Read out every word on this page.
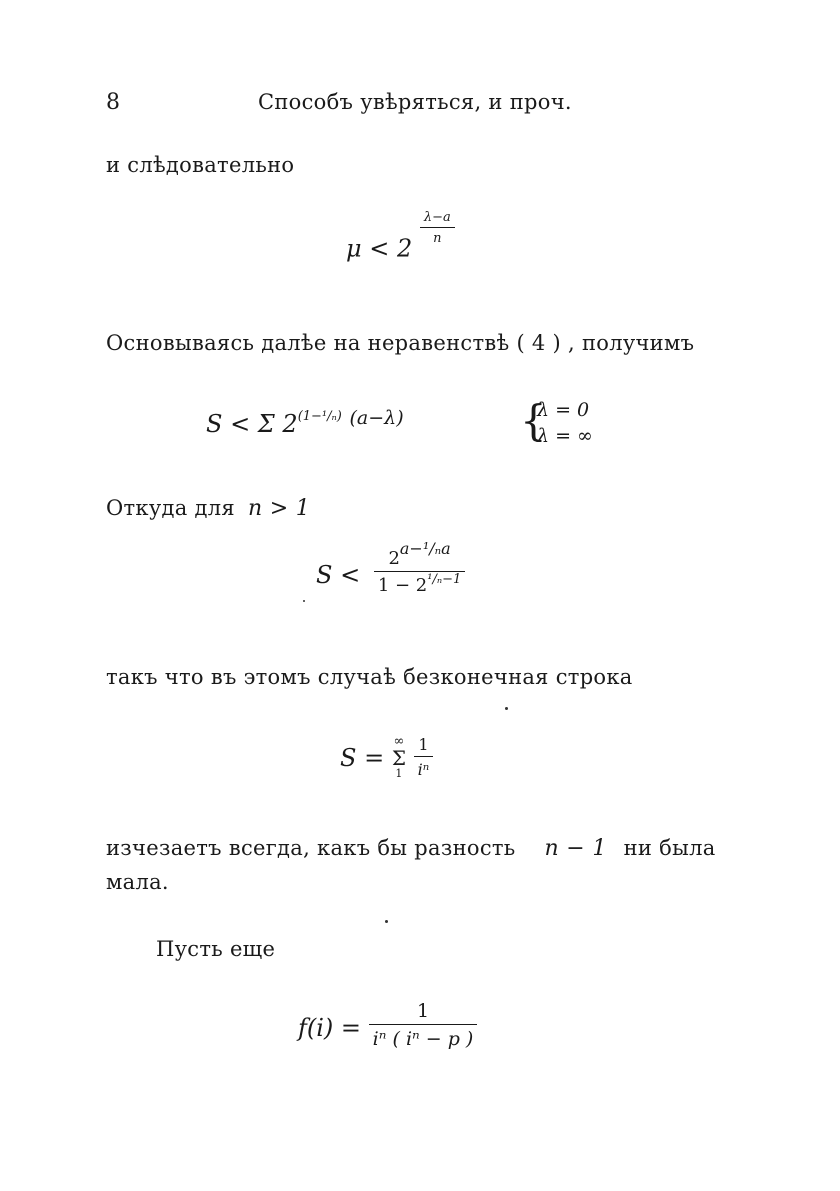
8	Способъ увѣряться, и проч.
и слѣдовательно
μ < 2
$\frac{\lambda-a}{n}$
Основываясь далѣе на неравенствѣ ( 4 ) , получимъ
S < Σ $2^{(1-^1/_n)}$ $^{(a-\lambda)}$	{
λ = 0
λ = ∞
Откуда для n > 1
$S < \frac{\text{2a−¹/ₙa}}{1 - 2^{^1/_n-1}}$
такъ что въ этомъ случаѣ безконечная строка
S =
∞
Σ
1
$\frac{1}{\text{iⁿ}}$
изчезаетъ всегда, какъ бы разность n − 1 ни была
мала.
Пусть еще
$f(i) = \frac{1}{\text{iⁿ ( iⁿ − p )}}$
